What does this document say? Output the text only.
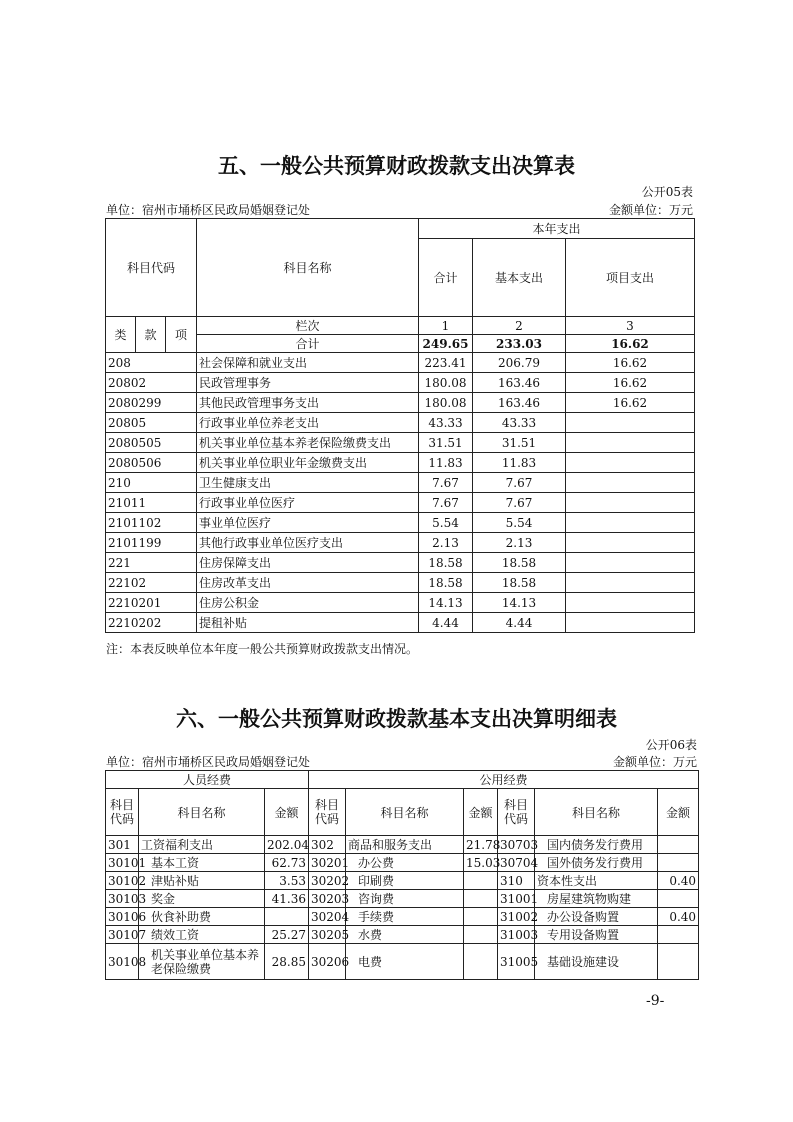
五、一般公共预算财政拨款支出决算表
公开05表
单位：宿州市埇桥区民政局婚姻登记处	金额单位：万元
科目代码			科目名称	本年支出		
				合计	基本支出	项目支出
类	款	项	栏次	1	2	3
			合计	249.65	233.03	16.62
208			社会保障和就业支出	223.41	206.79	16.62
20802			民政管理事务	180.08	163.46	16.62
2080299			其他民政管理事务支出	180.08	163.46	16.62
20805			行政事业单位养老支出	43.33	43.33	
2080505			机关事业单位基本养老保险缴费支出	31.51	31.51	
2080506			机关事业单位职业年金缴费支出	11.83	11.83	
210			卫生健康支出	7.67	7.67	
21011			行政事业单位医疗	7.67	7.67	
2101102			事业单位医疗	5.54	5.54	
2101199			其他行政事业单位医疗支出	2.13	2.13	
221			住房保障支出	18.58	18.58	
22102			住房改革支出	18.58	18.58	
2210201			住房公积金	14.13	14.13	
2210202			提租补贴	4.44	4.44	
注：本表反映单位本年度一般公共预算财政拨款支出情况。
六、一般公共预算财政拨款基本支出决算明细表
公开06表
单位：宿州市埇桥区民政局婚姻登记处	金额单位：万元
人员经费			公用经费					
科目代码	科目名称	金额	科目代码	科目名称	金额	科目代码	科目名称	金额
301	工资福利支出	202.04	302	商品和服务支出	21.78	30703	国内债务发行费用	
30101	基本工资	62.73	30201	办公费	15.03	30704	国外债务发行费用	
30102	津贴补贴	3.53	30202	印刷费		310	资本性支出	0.40
30103	奖金	41.36	30203	咨询费		31001	房屋建筑物购建	
30106	伙食补助费		30204	手续费		31002	办公设备购置	0.40
30107	绩效工资	25.27	30205	水费		31003	专用设备购置	
30108	机关事业单位基本养老保险缴费	28.85	30206	电费		31005	基础设施建设	
-9-
